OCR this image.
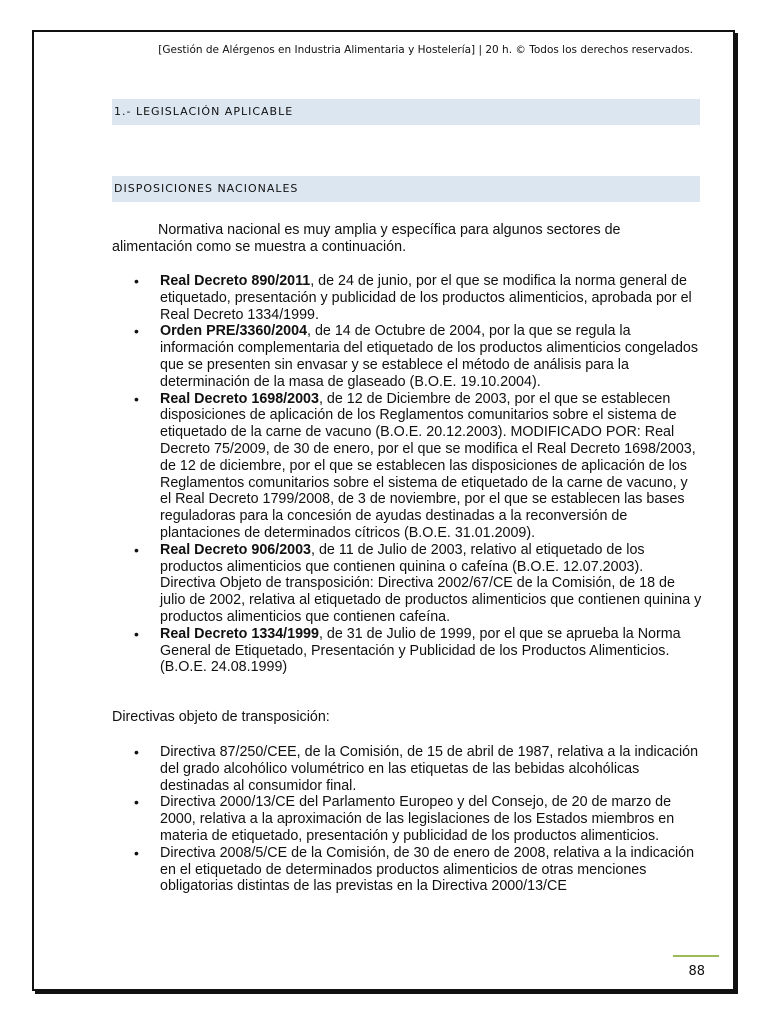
[Gestión de Alérgenos en Industria Alimentaria y Hostelería] | 20 h. © Todos los derechos reservados.
1.- LEGISLACIÓN APLICABLE
DISPOSICIONES NACIONALES
Normativa nacional es muy amplia y específica para algunos sectores de alimentación como se muestra a continuación.
• Real Decreto 890/2011, de 24 de junio, por el que se modifica la norma general de etiquetado, presentación y publicidad de los productos alimenticios, aprobada por el Real Decreto 1334/1999.
• Orden PRE/3360/2004, de 14 de Octubre de 2004, por la que se regula la información complementaria del etiquetado de los productos alimenticios congelados que se presenten sin envasar y se establece el método de análisis para la determinación de la masa de glaseado (B.O.E. 19.10.2004).
• Real Decreto 1698/2003, de 12 de Diciembre de 2003, por el que se establecen disposiciones de aplicación de los Reglamentos comunitarios sobre el sistema de etiquetado de la carne de vacuno (B.O.E. 20.12.2003). MODIFICADO POR: Real Decreto 75/2009, de 30 de enero, por el que se modifica el Real Decreto 1698/2003, de 12 de diciembre, por el que se establecen las disposiciones de aplicación de los Reglamentos comunitarios sobre el sistema de etiquetado de la carne de vacuno, y el Real Decreto 1799/2008, de 3 de noviembre, por el que se establecen las bases reguladoras para la concesión de ayudas destinadas a la reconversión de plantaciones de determinados cítricos (B.O.E. 31.01.2009).
• Real Decreto 906/2003, de 11 de Julio de 2003, relativo al etiquetado de los productos alimenticios que contienen quinina o cafeína (B.O.E. 12.07.2003). Directiva Objeto de transposición: Directiva 2002/67/CE de la Comisión, de 18 de julio de 2002, relativa al etiquetado de productos alimenticios que contienen quinina y productos alimenticios que contienen cafeína.
• Real Decreto 1334/1999, de 31 de Julio de 1999, por el que se aprueba la Norma General de Etiquetado, Presentación y Publicidad de los Productos Alimenticios. (B.O.E. 24.08.1999)
Directivas objeto de transposición:
• Directiva 87/250/CEE, de la Comisión, de 15 de abril de 1987, relativa a la indicación del grado alcohólico volumétrico en las etiquetas de las bebidas alcohólicas destinadas al consumidor final.
• Directiva 2000/13/CE del Parlamento Europeo y del Consejo, de 20 de marzo de 2000, relativa a la aproximación de las legislaciones de los Estados miembros en materia de etiquetado, presentación y publicidad de los productos alimenticios.
• Directiva 2008/5/CE de la Comisión, de 30 de enero de 2008, relativa a la indicación en el etiquetado de determinados productos alimenticios de otras menciones obligatorias distintas de las previstas en la Directiva 2000/13/CE
88
